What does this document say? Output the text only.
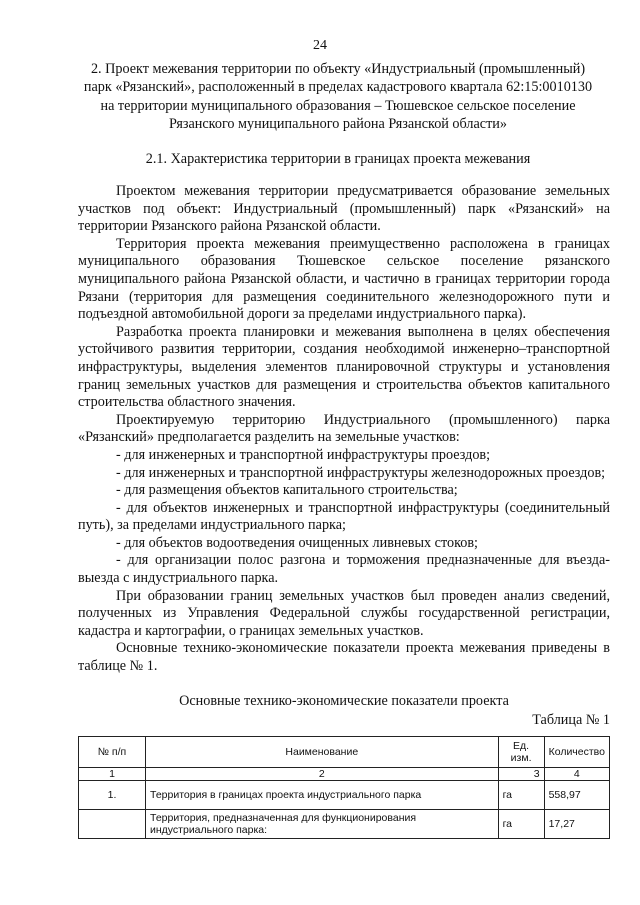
24
2. Проект межевания территории по объекту «Индустриальный (промышленный) парк «Рязанский», расположенный в пределах кадастрового квартала 62:15:0010130 на территории муниципального образования – Тюшевское сельское поселение Рязанского муниципального района Рязанской области»
2.1. Характеристика территории в границах проекта межевания

Проектом межевания территории предусматривается образование земельных участков под объект: Индустриальный (промышленный) парк «Рязанский» на территории Рязанского района Рязанской области.

Территория проекта межевания преимущественно расположена в границах муниципального образования Тюшевское сельское поселение рязанского муниципального района Рязанской области, и частично в границах территории города Рязани (территория для размещения соединительного железнодорожного пути и подъездной автомобильной дороги за пределами индустриального парка).

Разработка проекта планировки и межевания выполнена в целях обеспечения устойчивого развития территории, создания необходимой инженерно–транспортной инфраструктуры, выделения элементов планировочной структуры и установления границ земельных участков для размещения и строительства объектов капитального строительства областного значения.

Проектируемую территорию Индустриального (промышленного) парка «Рязанский» предполагается разделить на земельные участков:

- для инженерных и транспортной инфраструктуры проездов;

- для инженерных и транспортной инфраструктуры железнодорожных проездов;

- для размещения объектов капитального строительства;

- для объектов инженерных и транспортной инфраструктуры (соединительный путь), за пределами индустриального парка;

- для объектов водоотведения очищенных ливневых стоков;

- для организации полос разгона и торможения предназначенные для въезда-выезда с индустриального парка.

При образовании границ земельных участков был проведен анализ сведений, полученных из Управления Федеральной службы государственной регистрации, кадастра и картографии, о границах земельных участков.

Основные технико-экономические показатели проекта межевания приведены в таблице № 1.

Основные технико-экономические показатели проекта
Таблица № 1
№ п/п	Наименование	Ед. изм.	Количество
1	2	3	4
1.	Территория в границах проекта индустриального парка	га	558,97
	Территория, предназначенная для функционирования индустриального парка:	га	17,27
